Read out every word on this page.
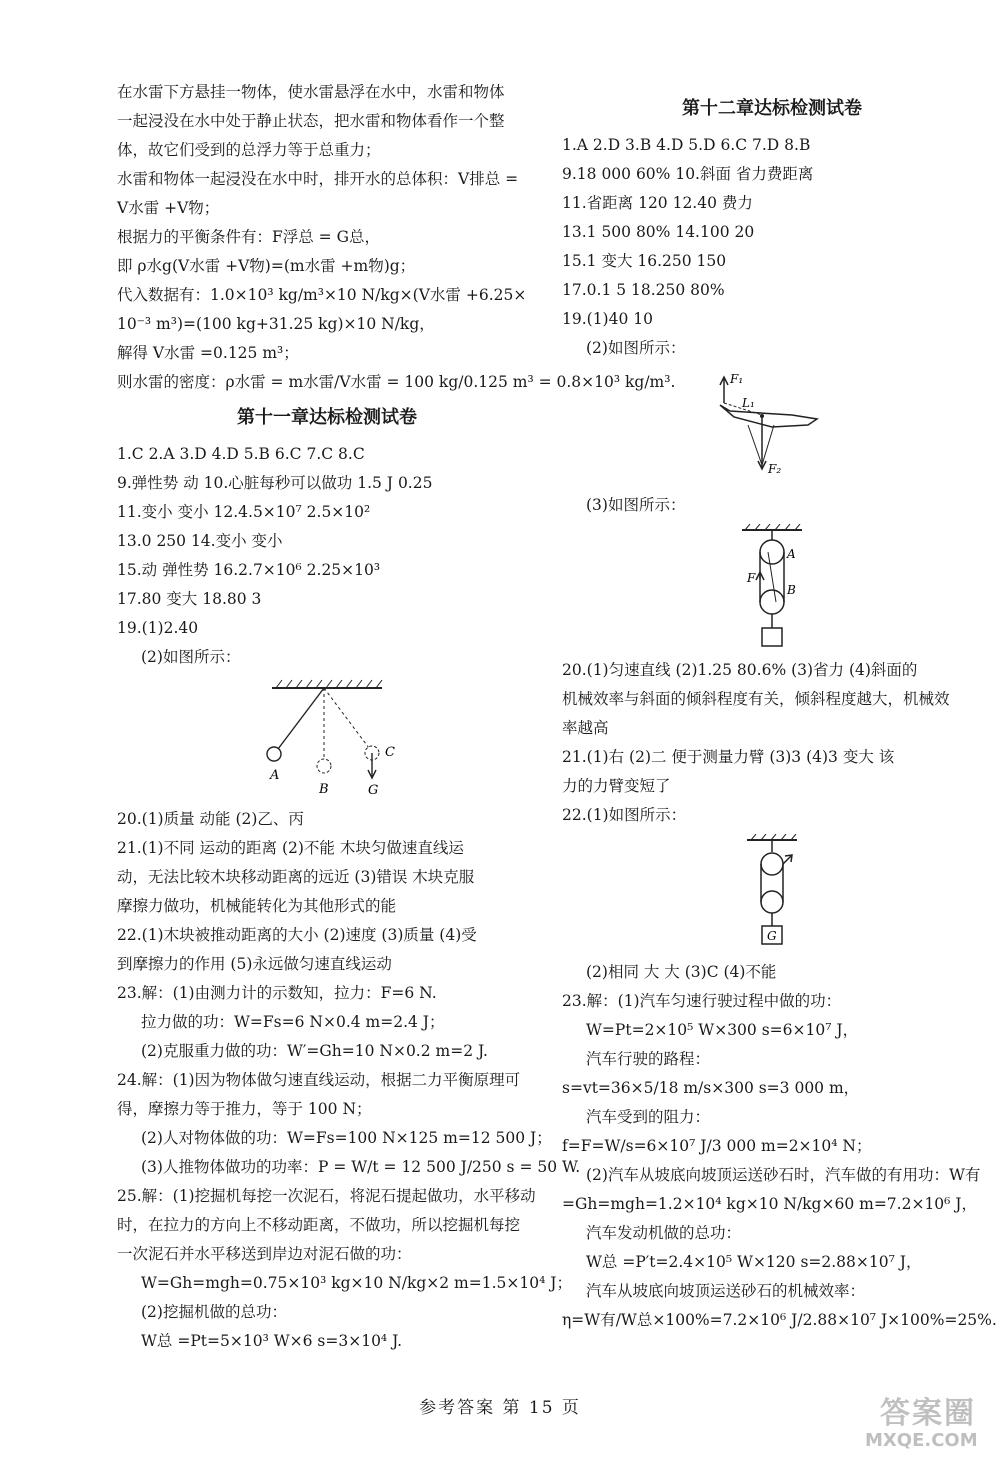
在水雷下方悬挂一物体，使水雷悬浮在水中，水雷和物体

一起浸没在水中处于静止状态，把水雷和物体看作一个整

体，故它们受到的总浮力等于总重力；

水雷和物体一起浸没在水中时，排开水的总体积：V排总 =

V水雷 +V物；

根据力的平衡条件有：F浮总 = G总，

即 ρ水g(V水雷 +V物)=(m水雷 +m物)g；

代入数据有：1.0×10³ kg/m³×10 N/kg×(V水雷 +6.25×

10⁻³ m³)=(100 kg+31.25 kg)×10 N/kg，

解得 V水雷 =0.125 m³；

则水雷的密度：ρ水雷 = m水雷/V水雷 = 100 kg/0.125 m³ = 0.8×10³ kg/m³.

第十一章达标检测试卷

1.C 2.A 3.D 4.D 5.B 6.C 7.C 8.C

9.弹性势 动 10.心脏每秒可以做功 1.5 J 0.25

11.变小 变小 12.4.5×10⁷ 2.5×10²

13.0 250 14.变小 变小

15.动 弹性势 16.2.7×10⁶ 2.25×10³

17.80 变大 18.80 3

19.(1)2.40

(2)如图所示：

A
B
C
G

20.(1)质量 动能 (2)乙、丙

21.(1)不同 运动的距离 (2)不能 木块匀做速直线运

动，无法比较木块移动距离的远近 (3)错误 木块克服

摩擦力做功，机械能转化为其他形式的能

22.(1)木块被推动距离的大小 (2)速度 (3)质量 (4)受

到摩擦力的作用 (5)永远做匀速直线运动

23.解：(1)由测力计的示数知，拉力：F=6 N.

拉力做的功：W=Fs=6 N×0.4 m=2.4 J；

(2)克服重力做的功：W′=Gh=10 N×0.2 m=2 J.

24.解：(1)因为物体做匀速直线运动，根据二力平衡原理可

得，摩擦力等于推力，等于 100 N；

(2)人对物体做的功：W=Fs=100 N×125 m=12 500 J；

(3)人推物体做功的功率：P = W/t = 12 500 J/250 s = 50 W.

25.解：(1)挖掘机每挖一次泥石，将泥石提起做功，水平移动

时，在拉力的方向上不移动距离，不做功，所以挖掘机每挖

一次泥石并水平移送到岸边对泥石做的功：

W=Gh=mgh=0.75×10³ kg×10 N/kg×2 m=1.5×10⁴ J；

(2)挖掘机做的总功：

W总 =Pt=5×10³ W×6 s=3×10⁴ J.

第十二章达标检测试卷

1.A 2.D 3.B 4.D 5.D 6.C 7.D 8.B

9.18 000 60% 10.斜面 省力费距离

11.省距离 120 12.40 费力

13.1 500 80% 14.100 20

15.1 变大 16.250 150

17.0.1 5 18.250 80%

19.(1)40 10

(2)如图所示：

F₁
L₁
F₂

(3)如图所示：

F
A
B

20.(1)匀速直线 (2)1.25 80.6% (3)省力 (4)斜面的

机械效率与斜面的倾斜程度有关，倾斜程度越大，机械效

率越高

21.(1)右 (2)二 便于测量力臂 (3)3 (4)3 变大 该

力的力臂变短了

22.(1)如图所示：

G

(2)相同 大 大 (3)C (4)不能

23.解：(1)汽车匀速行驶过程中做的功：

W=Pt=2×10⁵ W×300 s=6×10⁷ J，

汽车行驶的路程：

s=vt=36×5/18 m/s×300 s=3 000 m，

汽车受到的阻力：

f=F=W/s=6×10⁷ J/3 000 m=2×10⁴ N；

(2)汽车从坡底向坡顶运送砂石时，汽车做的有用功：W有

=Gh=mgh=1.2×10⁴ kg×10 N/kg×60 m=7.2×10⁶ J，

汽车发动机做的总功：

W总 =P′t=2.4×10⁵ W×120 s=2.88×10⁷ J，

汽车从坡底向坡顶运送砂石的机械效率：

η=W有/W总×100%=7.2×10⁶ J/2.88×10⁷ J×100%=25%.

参考答案 第 15 页	答案圈
MXQE.COM
